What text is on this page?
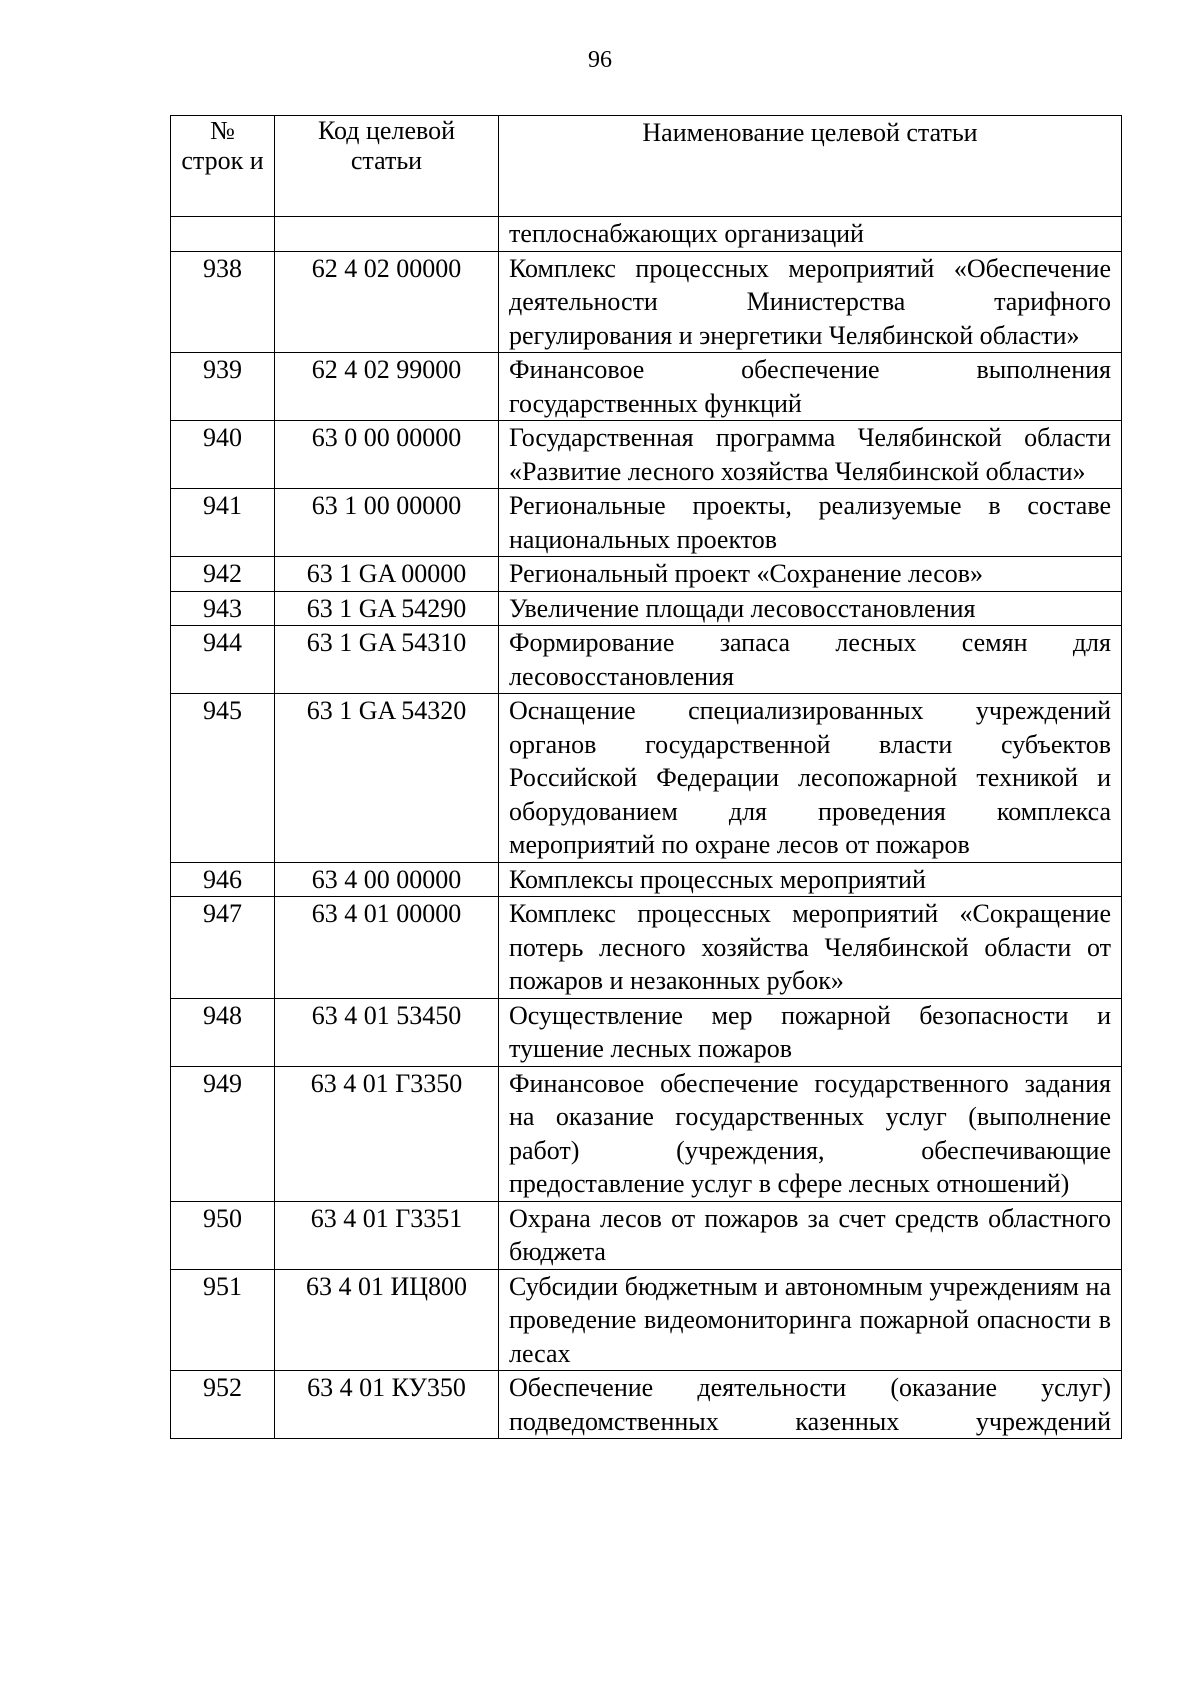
96
№ строк и	Код целевой статьи	Наименование целевой статьи

		теплоснабжающих организаций
938	62 4 02 00000	Комплекс процессных мероприятий «Обеспечение деятельности Министерства тарифного регулирования и энергетики Челябинской области»
939	62 4 02 99000	Финансовое обеспечение выполнения государственных функций
940	63 0 00 00000	Государственная программа Челябинской области «Развитие лесного хозяйства Челябинской области»
941	63 1 00 00000	Региональные проекты, реализуемые в составе национальных проектов
942	63 1 GA 00000	Региональный проект «Сохранение лесов»
943	63 1 GA 54290	Увеличение площади лесовосстановления
944	63 1 GA 54310	Формирование запаса лесных семян для лесовосстановления
945	63 1 GA 54320	Оснащение специализированных учреждений органов государственной власти субъектов Российской Федерации лесопожарной техникой и оборудованием для проведения комплекса мероприятий по охране лесов от пожаров
946	63 4 00 00000	Комплексы процессных мероприятий
947	63 4 01 00000	Комплекс процессных мероприятий «Сокращение потерь лесного хозяйства Челябинской области от пожаров и незаконных рубок»
948	63 4 01 53450	Осуществление мер пожарной безопасности и тушение лесных пожаров
949	63 4 01 Г3350	Финансовое обеспечение государственного задания на оказание государственных услуг (выполнение работ) (учреждения, обеспечивающие предоставление услуг в сфере лесных отношений)
950	63 4 01 Г3351	Охрана лесов от пожаров за счет средств областного бюджета
951	63 4 01 ИЦ800	Субсидии бюджетным и автономным учреждениям на проведение видеомониторинга пожарной опасности в лесах
952	63 4 01 КУ350	Обеспечение деятельности (оказание услуг) подведомственных казенных учреждений
